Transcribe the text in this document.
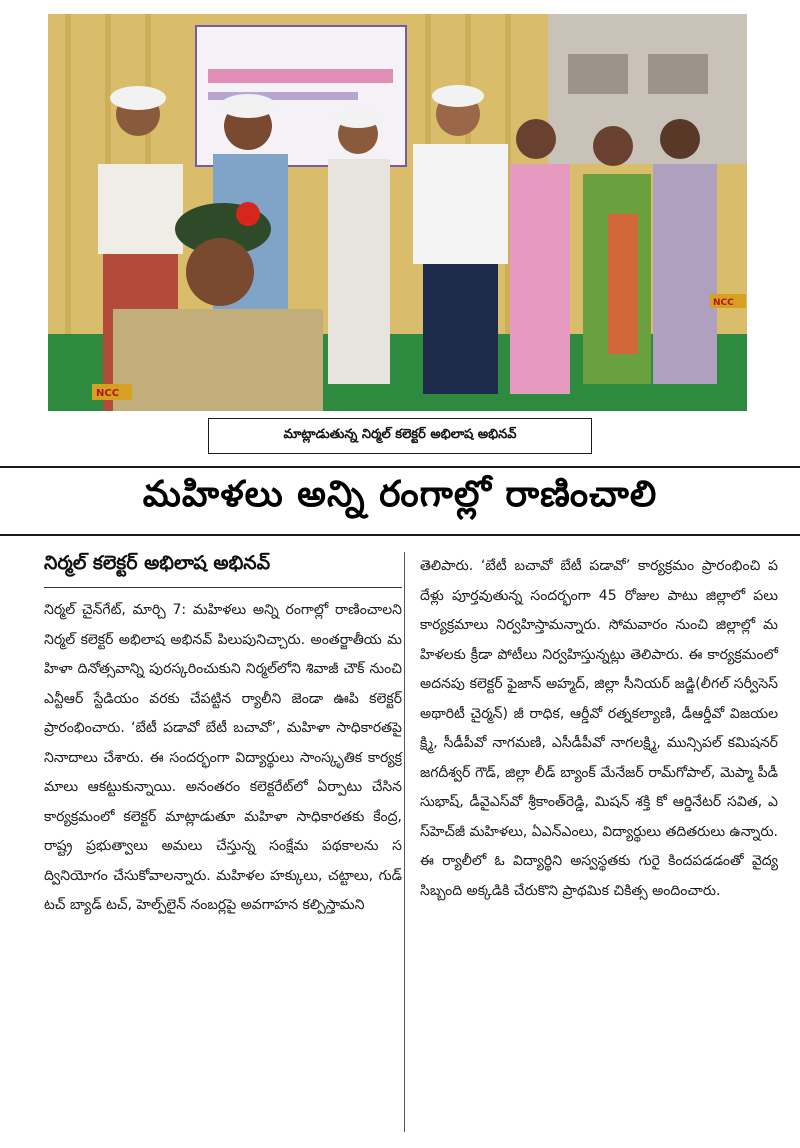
NCC
NCC
మాట్లాడుతున్న నిర్మల్ కలెక్టర్ అభిలాష అభినవ్
మహిళలు అన్ని రంగాల్లో రాణించాలి
నిర్మల్ కలెక్టర్ అభిలాష అభినవ్

నిర్మల్ చైన్‌గేట్, మార్చి 7: మహిళలు అన్ని రంగాల్లో రాణించాలని నిర్మల్ కలెక్టర్ అభిలాష అభినవ్ పిలుపునిచ్చారు. అంతర్జాతీయ మహిళా దినోత్సవాన్ని పురస్కరించుకుని నిర్మల్‌లోని శివాజీ చౌక్ నుంచి ఎన్టీఆర్ స్టేడియం వరకు చేపట్టిన ర్యాలీని జెండా ఊపి కలెక్టర్ ప్రారంభించారు. ‘బేటీ పడావో బేటీ బచావో’, మహిళా సాధికారతపై నినాదాలు చేశారు. ఈ సందర్భంగా విద్యార్థులు సాంస్కృతిక కార్యక్రమాలు ఆకట్టుకున్నాయి. అనంతరం కలెక్టరేట్‌లో ఏర్పాటు చేసిన కార్యక్రమంలో కలెక్టర్ మాట్లాడుతూ మహిళా సాధికారతకు కేంద్ర, రాష్ట్ర ప్రభుత్వాలు అమలు చేస్తున్న సంక్షేమ పథకాలను సద్వినియోగం చేసుకోవాలన్నారు. మహిళల హక్కులు, చట్టాలు, గుడ్ టచ్ బ్యాడ్ టచ్, హెల్ప్‌లైన్ నంబర్లపై అవగాహన కల్పిస్తామని

తెలిపారు. ‘బేటీ బచావో బేటీ పడావో’ కార్యక్రమం ప్రారంభించి పదేళ్లు పూర్తవుతున్న సందర్భంగా 45 రోజుల పాటు జిల్లాలో పలు కార్యక్రమాలు నిర్వహిస్తామన్నారు. సోమవారం నుంచి జిల్లాల్లో మహిళలకు క్రీడా పోటీలు నిర్వహిస్తున్నట్లు తెలిపారు. ఈ కార్యక్రమంలో అదనపు కలెక్టర్ ఫైజాన్ అహ్మద్, జిల్లా సీనియర్ జడ్జి(లీగల్ సర్వీసెస్ అథారిటీ చైర్మన్) జీ రాధిక, ఆర్డీవో రత్నకల్యాణి, డీఆర్డీవో విజయలక్ష్మి, సీడీపీవో నాగమణి, ఎసీడీపీవో నాగలక్ష్మి, మున్సిపల్ కమిషనర్ జగదీశ్వర్ గౌడ్, జిల్లా లీడ్ బ్యాంక్ మేనేజర్ రామ్‌గోపాల్, మెప్మా పీడీ సుభాష్, డీవైఎస్‌వో శ్రీకాంత్‌రెడ్డి, మిషన్ శక్తి కో ఆర్డినేటర్ సవిత, ఎస్‌హెచ్‌జీ మహిళలు, ఏఎన్‌ఎంలు, విద్యార్థులు తదితరులు ఉన్నారు. ఈ ర్యాలీలో ఓ విద్యార్థిని అస్వస్థతకు గురై కిందపడడంతో వైద్య సిబ్బంది అక్కడికి చేరుకొని ప్రాథమిక చికిత్స అందించారు.
